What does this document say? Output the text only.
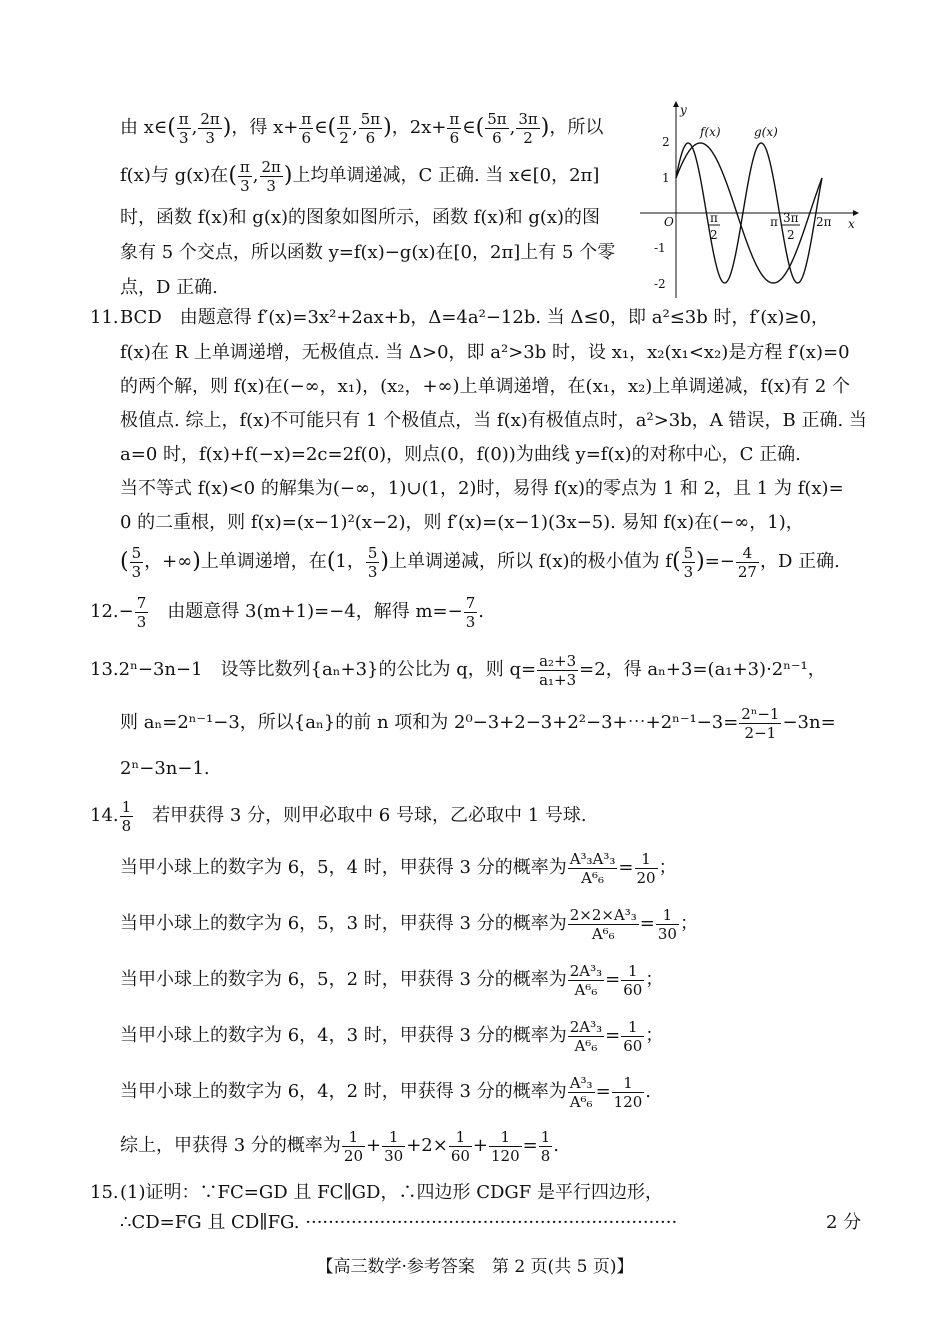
由 x∈( $\frac{\pi}{3}$ , $\frac{2\pi}{3}$ )，得 $x+ \frac{\pi}{6}$ ∈( $\frac{\pi}{2}$ , $\frac{5\pi}{6}$ )，$2x+ \frac{\pi}{6}$ ∈( $\frac{5\pi}{6}$ , $\frac{3\pi}{2}$ )，所以
f(x)与 g(x)在( $\frac{\pi}{3}$ , $\frac{2\pi}{3}$ )上均单调递减，C 正确. 当 x∈[0，2π]
时，函数 f(x)和 g(x)的图象如图所示，函数 f(x)和 g(x)的图
象有 5 个交点，所以函数 y=f(x)−g(x)在[0，2π]上有 5 个零
点，D 正确.
y
x
O
f(x)	g(x)
2
1
-1
-2
π
2
π 3π
2
2π
11. BCD　由题意得 f′(x)=3x²+2ax+b，Δ=4a²−12b. 当 Δ≤0，即 a²≤3b 时，f′(x)≥0，
f(x)在 R 上单调递增，无极值点. 当 Δ>0，即 a²>3b 时，设 x₁，x₂(x₁<x₂)是方程 f′(x)=0
的两个解，则 f(x)在(−∞，x₁)，(x₂，+∞)上单调递增，在(x₁，x₂)上单调递减，f(x)有 2 个
极值点. 综上，f(x)不可能只有 1 个极值点，当 f(x)有极值点时，a²>3b，A 错误，B 正确. 当
a=0 时，f(x)+f(−x)=2c=2f(0)，则点(0，f(0))为曲线 y=f(x)的对称中心，C 正确.
当不等式 f(x)<0 的解集为(−∞，1)∪(1，2)时，易得 f(x)的零点为 1 和 2，且 1 为 f(x)=
0 的二重根，则 f(x)=(x−1)²(x−2)，则 f′(x)=(x−1)(3x−5). 易知 f(x)在(−∞，1)，
( $\frac{5}{3}$ ，+∞)上单调递增，在(1， $\frac{5}{3}$ )上单调递减，所以 f(x)的极小值为 $f( \frac{5}{3}$ )=− $\frac{4}{27}$ ，D 正确.
$12.- \frac{7}{3}$ 　由题意得 3(m+1)=−4，解得 $m=- \frac{7}{3}$ .
13.2ⁿ−3n−1　设等比数列{aₙ+3}的公比为 q，则 $q= \frac{\text{a₂+3}}{\text{a₁+3}} =2$，得 aₙ+3=(a₁+3)·2ⁿ⁻¹，
则 aₙ=2ⁿ⁻¹−3，所以{aₙ}的前 n 项和为 2⁰−3+2−3+2²−3+⋯+2ⁿ⁻¹−3= $\frac{\text{2ⁿ−1}}{2-1} -3n=$
2ⁿ−3n−1.
14. $\frac{1}{8}$
　 若甲获得 3 分，则甲必取中 6 号球，乙必取中 1 号球.
当甲小球上的数字为 6，5，4 时，甲获得 3 分的概率为 $\frac{\text{A³₃A³₃}}{\text{A⁶₆}} = \frac{1}{20}$ ；
当甲小球上的数字为 6，5，3 时，甲获得 3 分的概率为 $\frac{\text{2×2×A³₃}}{\text{A⁶₆}} = \frac{1}{30}$ ；
当甲小球上的数字为 6，5，2 时，甲获得 3 分的概率为 $\frac{\text{2A³₃}}{\text{A⁶₆}} = \frac{1}{60}$ ；
当甲小球上的数字为 6，4，3 时，甲获得 3 分的概率为 $\frac{\text{2A³₃}}{\text{A⁶₆}} = \frac{1}{60}$ ；
当甲小球上的数字为 6，4，2 时，甲获得 3 分的概率为 $\frac{\text{A³₃}}{\text{A⁶₆}} = \frac{1}{120}$ .
综上，甲获得 3 分的概率为 $\frac{1}{20} + \frac{1}{30} +2\times \frac{1}{60} + \frac{1}{120} = \frac{1}{8}$ .
15. (1)证明：∵FC=GD 且 FC∥GD，∴四边形 CDGF 是平行四边形，
∴CD=FG 且 CD∥FG. ·································································	2 分
【高三数学·参考答案　第 2 页(共 5 页)】
